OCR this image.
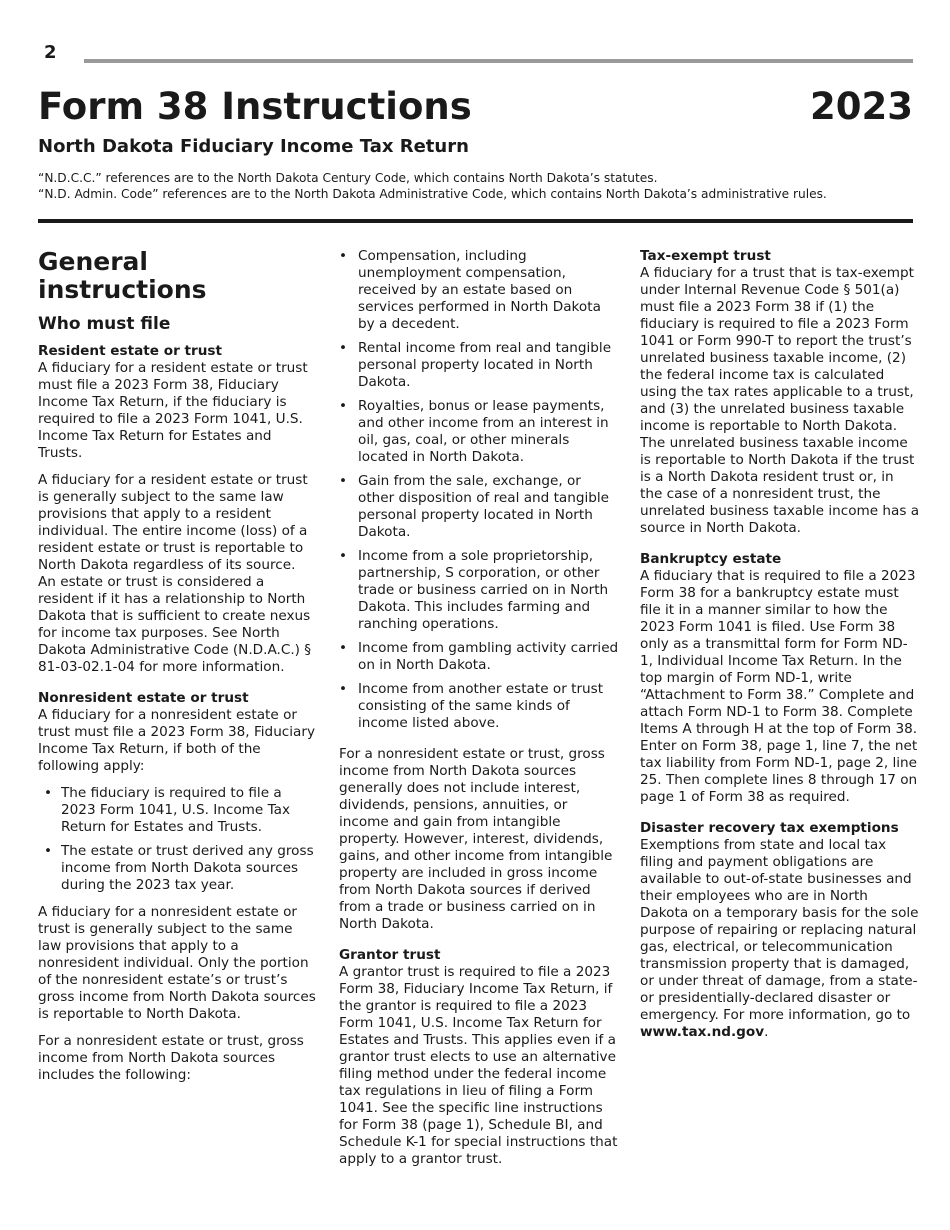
2
Form 38 Instructions	2023
North Dakota Fiduciary Income Tax Return
“N.D.C.C.” references are to the North Dakota Century Code, which contains North Dakota’s statutes.
“N.D. Admin. Code” references are to the North Dakota Administrative Code, which contains North Dakota’s administrative rules.
General instructions
Who must file

Resident estate or trust
A fiduciary for a resident estate or trust must file a 2023 Form 38, Fiduciary Income Tax Return, if the fiduciary is required to file a 2023 Form 1041, U.S. Income Tax Return for Estates and Trusts.

A fiduciary for a resident estate or trust is generally subject to the same law provisions that apply to a resident individual. The entire income (loss) of a resident estate or trust is reportable to North Dakota regardless of its source. An estate or trust is considered a resident if it has a relationship to North Dakota that is sufficient to create nexus for income tax purposes. See North Dakota Administrative Code (N.D.A.C.) § 81-03-02.1-04 for more information.

Nonresident estate or trust
A fiduciary for a nonresident estate or trust must file a 2023 Form 38, Fiduciary Income Tax Return, if both of the following apply:

• The fiduciary is required to file a 2023 Form 1041, U.S. Income Tax Return for Estates and Trusts.
• The estate or trust derived any gross income from North Dakota sources during the 2023 tax year.

A fiduciary for a nonresident estate or trust is generally subject to the same law provisions that apply to a nonresident individual. Only the portion of the nonresident estate’s or trust’s gross income from North Dakota sources is reportable to North Dakota.

For a nonresident estate or trust, gross income from North Dakota sources includes the following:

• Compensation, including unemployment compensation, received by an estate based on services performed in North Dakota by a decedent.
• Rental income from real and tangible personal property located in North Dakota.
• Royalties, bonus or lease payments, and other income from an interest in oil, gas, coal, or other minerals located in North Dakota.
• Gain from the sale, exchange, or other disposition of real and tangible personal property located in North Dakota.
• Income from a sole proprietorship, partnership, S corporation, or other trade or business carried on in North Dakota. This includes farming and ranching operations.
• Income from gambling activity carried on in North Dakota.
• Income from another estate or trust consisting of the same kinds of income listed above.

For a nonresident estate or trust, gross income from North Dakota sources generally does not include interest, dividends, pensions, annuities, or income and gain from intangible property. However, interest, dividends, gains, and other income from intangible property are included in gross income from North Dakota sources if derived from a trade or business carried on in North Dakota.

Grantor trust
A grantor trust is required to file a 2023 Form 38, Fiduciary Income Tax Return, if the grantor is required to file a 2023 Form 1041, U.S. Income Tax Return for Estates and Trusts. This applies even if a grantor trust elects to use an alternative filing method under the federal income tax regulations in lieu of filing a Form 1041. See the specific line instructions for Form 38 (page 1), Schedule BI, and Schedule K-1 for special instructions that apply to a grantor trust.

Tax-exempt trust
A fiduciary for a trust that is tax-exempt under Internal Revenue Code § 501(a) must file a 2023 Form 38 if (1) the fiduciary is required to file a 2023 Form 1041 or Form 990-T to report the trust’s unrelated business taxable income, (2) the federal income tax is calculated using the tax rates applicable to a trust, and (3) the unrelated business taxable income is reportable to North Dakota. The unrelated business taxable income is reportable to North Dakota if the trust is a North Dakota resident trust or, in the case of a nonresident trust, the unrelated business taxable income has a source in North Dakota.

Bankruptcy estate
A fiduciary that is required to file a 2023 Form 38 for a bankruptcy estate must file it in a manner similar to how the 2023 Form 1041 is filed. Use Form 38 only as a transmittal form for Form ND-1, Individual Income Tax Return. In the top margin of Form ND-1, write “Attachment to Form 38.” Complete and attach Form ND-1 to Form 38. Complete Items A through H at the top of Form 38. Enter on Form 38, page 1, line 7, the net tax liability from Form ND-1, page 2, line 25. Then complete lines 8 through 17 on page 1 of Form 38 as required.

Disaster recovery tax exemptions
Exemptions from state and local tax filing and payment obligations are available to out-of-state businesses and their employees who are in North Dakota on a temporary basis for the sole purpose of repairing or replacing natural gas, electrical, or telecommunication transmission property that is damaged, or under threat of damage, from a state- or presidentially-declared disaster or emergency. For more information, go to www.tax.nd.gov.
